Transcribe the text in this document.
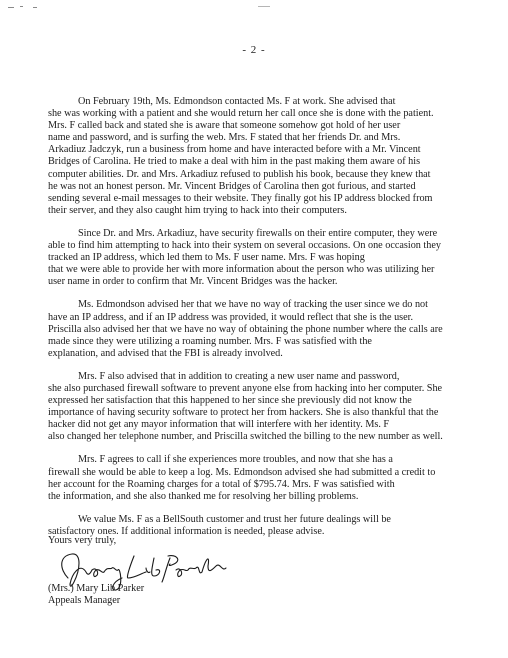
- 2 -
On February 19th, Ms. Edmondson contacted Ms. F at work. She advised that
she was working with a patient and she would return her call once she is done with the patient.
Mrs. F called back and stated she is aware that someone somehow got hold of her user
name and password, and is surfing the web. Mrs. F stated that her friends Dr. and Mrs.
Arkadiuz Jadczyk, run a business from home and have interacted before with a Mr. Vincent
Bridges of Carolina. He tried to make a deal with him in the past making them aware of his
computer abilities. Dr. and Mrs. Arkadiuz refused to publish his book, because they knew that
he was not an honest person. Mr. Vincent Bridges of Carolina then got furious, and started
sending several e-mail messages to their website. They finally got his IP address blocked from
their server, and they also caught him trying to hack into their computers.
Since Dr. and Mrs. Arkadiuz, have security firewalls on their entire computer, they were
able to find him attempting to hack into their system on several occasions. On one occasion they
tracked an IP address, which led them to Ms. F user name. Mrs. F was hoping
that we were able to provide her with more information about the person who was utilizing her
user name in order to confirm that Mr. Vincent Bridges was the hacker.
Ms. Edmondson advised her that we have no way of tracking the user since we do not
have an IP address, and if an IP address was provided, it would reflect that she is the user.
Priscilla also advised her that we have no way of obtaining the phone number where the calls are
made since they were utilizing a roaming number. Mrs. F was satisfied with the
explanation, and advised that the FBI is already involved.
Mrs. F also advised that in addition to creating a new user name and password,
she also purchased firewall software to prevent anyone else from hacking into her computer. She
expressed her satisfaction that this happened to her since she previously did not know the
importance of having security software to protect her from hackers. She is also thankful that the
hacker did not get any mayor information that will interfere with her identity. Ms. F
also changed her telephone number, and Priscilla switched the billing to the new number as well.
Mrs. F agrees to call if she experiences more troubles, and now that she has a
firewall she would be able to keep a log. Ms. Edmondson advised she had submitted a credit to
her account for the Roaming charges for a total of $795.74. Mrs. F was satisfied with
the information, and she also thanked me for resolving her billing problems.
We value Ms. F as a BellSouth customer and trust her future dealings will be
satisfactory ones. If additional information is needed, please advise.
Yours very truly,
(Mrs.) Mary Lib Parker
Appeals Manager
